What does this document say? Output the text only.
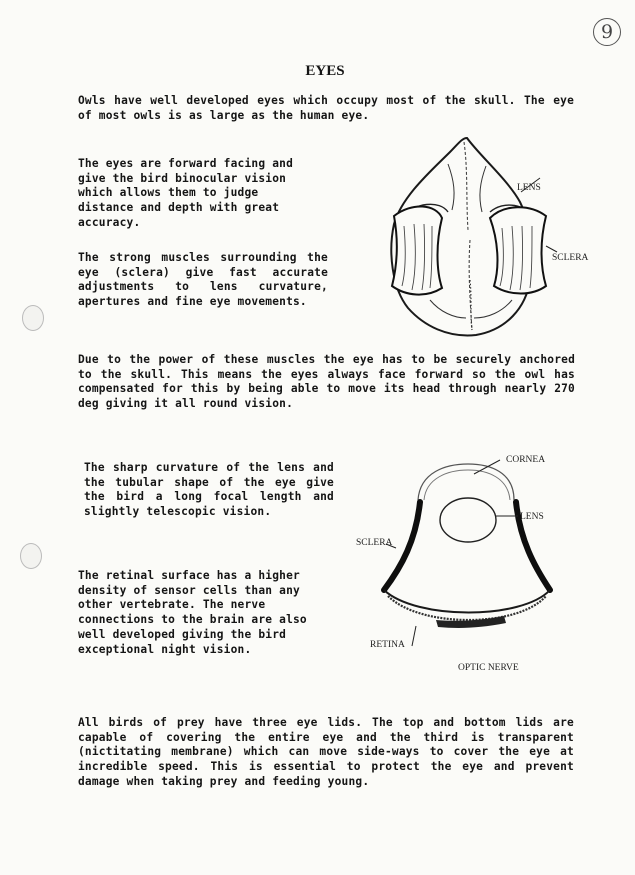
9
EYES

Owls have well developed eyes which occupy most of the skull. The eye of most owls is as large as the human eye.

The eyes are forward facing and give the bird binocular vision which allows them to judge distance and depth with great accuracy.

The strong muscles surrounding the eye (sclera) give fast accurate adjustments to lens curvature, apertures and fine eye movements.

Due to the power of these muscles the eye has to be securely anchored to the skull. This means the eyes always face forward so the owl has compensated for this by being able to move its head through nearly 270 deg giving it all round vision.

The sharp curvature of the lens and the tubular shape of the eye give the bird a long focal length and slightly telescopic vision.

The retinal surface has a higher density of sensor cells than any other vertebrate. The nerve connections to the brain are also well developed giving the bird exceptional night vision.

All birds of prey have three eye lids. The top and bottom lids are capable of covering the entire eye and the third is transparent (nictitating membrane) which can move side-ways to cover the eye at incredible speed. This is essential to protect the eye and prevent damage when taking prey and feeding young.

LENS
SCLERA
CORNEA
LENS
SCLERA
RETINA
OPTIC NERVE
